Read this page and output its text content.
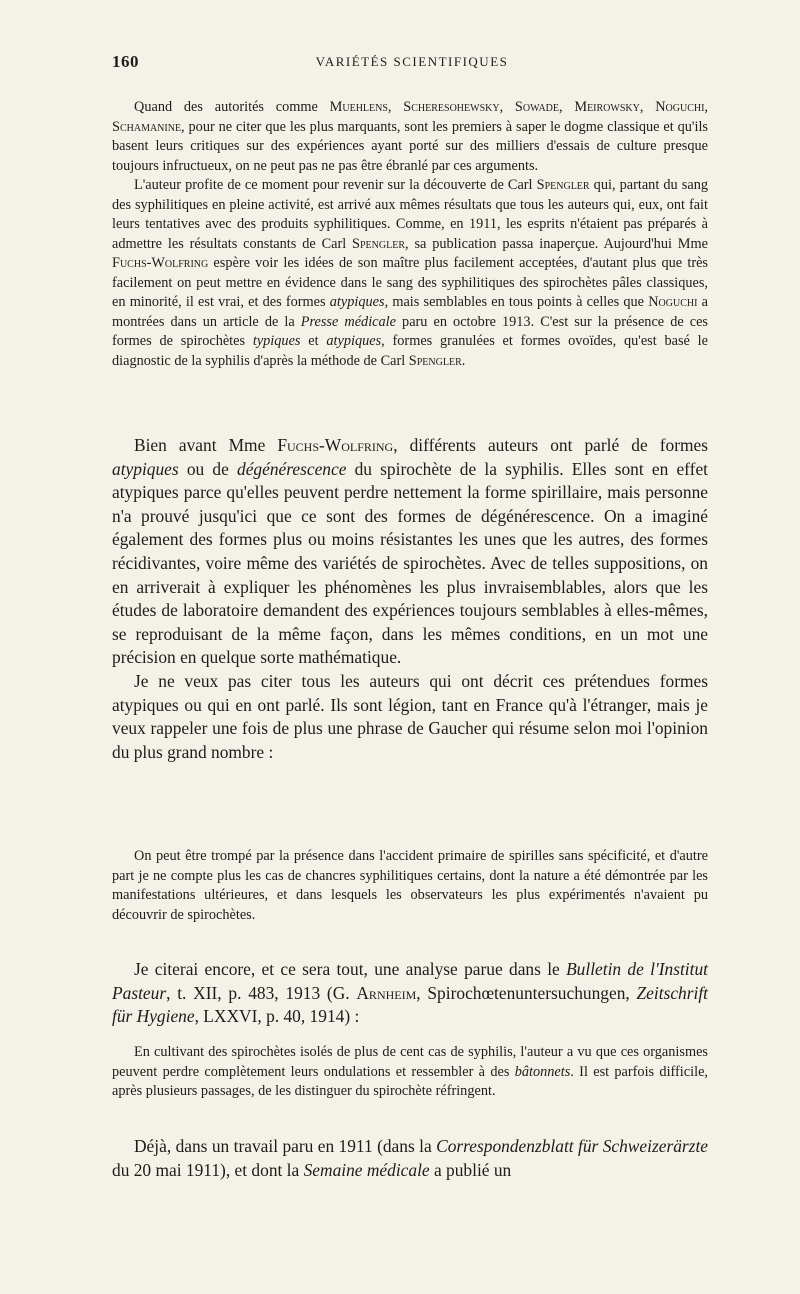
160	VARIÉTÉS SCIENTIFIQUES

Quand des autorités comme Muehlens, Scheresohewsky, Sowade, Meirowsky, Noguchi, Schamanine, pour ne citer que les plus marquants, sont les premiers à saper le dogme classique et qu'ils basent leurs critiques sur des expériences ayant porté sur des milliers d'essais de culture presque toujours infructueux, on ne peut pas ne pas être ébranlé par ces arguments.

L'auteur profite de ce moment pour revenir sur la découverte de Carl Spengler qui, partant du sang des syphilitiques en pleine activité, est arrivé aux mêmes résultats que tous les auteurs qui, eux, ont fait leurs tentatives avec des produits syphilitiques. Comme, en 1911, les esprits n'étaient pas préparés à admettre les résultats constants de Carl Spengler, sa publication passa inaperçue. Aujourd'hui Mme Fuchs-Wolfring espère voir les idées de son maître plus facilement acceptées, d'autant plus que très facilement on peut mettre en évidence dans le sang des syphilitiques des spirochètes pâles classiques, en minorité, il est vrai, et des formes atypiques, mais semblables en tous points à celles que Noguchi a montrées dans un article de la Presse médicale paru en octobre 1913. C'est sur la présence de ces formes de spirochètes typiques et atypiques, formes granulées et formes ovoïdes, qu'est basé le diagnostic de la syphilis d'après la méthode de Carl Spengler.

Bien avant Mme Fuchs-Wolfring, différents auteurs ont parlé de formes atypiques ou de dégénérescence du spirochète de la syphilis. Elles sont en effet atypiques parce qu'elles peuvent perdre nettement la forme spirillaire, mais personne n'a prouvé jusqu'ici que ce sont des formes de dégénérescence. On a imaginé également des formes plus ou moins résistantes les unes que les autres, des formes récidivantes, voire même des variétés de spirochètes. Avec de telles suppositions, on en arriverait à expliquer les phénomènes les plus invraisemblables, alors que les études de laboratoire demandent des expériences toujours semblables à elles-mêmes, se reproduisant de la même façon, dans les mêmes conditions, en un mot une précision en quelque sorte mathématique.

Je ne veux pas citer tous les auteurs qui ont décrit ces prétendues formes atypiques ou qui en ont parlé. Ils sont légion, tant en France qu'à l'étranger, mais je veux rappeler une fois de plus une phrase de Gaucher qui résume selon moi l'opinion du plus grand nombre :

On peut être trompé par la présence dans l'accident primaire de spirilles sans spécificité, et d'autre part je ne compte plus les cas de chancres syphilitiques certains, dont la nature a été démontrée par les manifestations ultérieures, et dans lesquels les observateurs les plus expérimentés n'avaient pu découvrir de spirochètes.

Je citerai encore, et ce sera tout, une analyse parue dans le Bulletin de l'Institut Pasteur, t. XII, p. 483, 1913 (G. Arnheim, Spirochœtenuntersuchungen, Zeitschrift für Hygiene, LXXVI, p. 40, 1914) :

En cultivant des spirochètes isolés de plus de cent cas de syphilis, l'auteur a vu que ces organismes peuvent perdre complètement leurs ondulations et ressembler à des bâtonnets. Il est parfois difficile, après plusieurs passages, de les distinguer du spirochète réfringent.

Déjà, dans un travail paru en 1911 (dans la Correspondenzblatt für Schweizerärzte du 20 mai 1911), et dont la Semaine médicale a publié un
